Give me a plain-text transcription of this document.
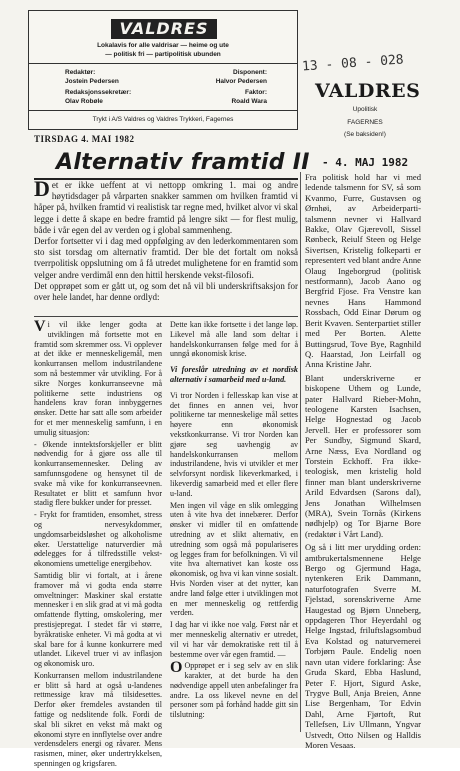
VALDRES
Lokalavis for alle valdrisar — heime og ute
— politisk fri — partipolitisk ubunden
Redaktør:
Jostein Pedersen
Disponent:
Halvor Pedersen
Redaksjonssekretær:
Olav Robøle
Faktor:
Roald Wara
Trykt i A/S Valdres og Valdres Trykkeri, Fagernes
TIRSDAG 4. MAI 1982
Alternativ framtid II

Det er ikke ueffent at vi nettopp omkring 1. mai og andre høytidsdager på vårparten snakker sammen om hvilken framtid vi håper på, hvilken framtid vi realistisk tar regne med, hvilket alvor vi skal legge i dette å skape en bedre framtid på lengre sikt — for flest mulig, både i vår egen del av verden og i global sammenheng.

Derfor fortsetter vi i dag med oppfølging av den lederkommentaren som sto sist torsdag om alternativ framtid. Der ble det fortalt om nokså tverrpolitisk oppslutning om å få utredet mulighetene for en framtid som velger andre verdimål enn den hittil herskende vekst-filosofi.

Det opprøpet som er gått ut, og som det nå vil bli underskriftsaksjon for over hele landet, har denne ordlyd:

Vi vil ikke lenger godta at utviklingen må fortsette mot en framtid som skremmer oss. Vi opplever at det ikke er menneskeligemål, men konkurransen mellom industrilandene som nå bestemmer vår utvikling. For å sikre Norges konkurranseevne må politikerne sette industriens og handelens krav foran innbyggernes ønsker. Dette har satt alle som arbeider for et mer menneskelig samfunn, i en umulig situasjon:

- Økende inntektsforskjeller er blitt nødvendig for å gjøre oss alle til konkurransemennesker. Deling av samfunnsgodene og hensynet til de svake må vike for konkurranseevnen. Resultatet er blitt et samfunn hvor stadig flere bukker under for presset.

- Frykt for framtiden, ensomhet, stress og nervesykdommer, ungdomsarbeidsløshet og alkoholisme øker. Uerstattelige naturverdier må ødelegges for å tilfredsstille vekst-økonomiens umettelige energibehov.

Samtidig blir vi fortalt, at i årene framover må vi godta enda større omveltninger: Maskiner skal erstatte mennesker i en slik grad at vi må godta omfattende flytting, omskolering, mer prestisjepregat. I stedet får vi større, byråkratiske enheter. Vi må godta at vi skal bare for å kunne konkurrere med utlandet. Likevel truer vi av inflasjon og økonomisk uro.

Konkurransen mellom industrilandene er blitt så hard at også u-landenes rettmessige krav må tilsidesettes. Derfor øker fremdeles avstanden til fattige og nedslitende folk. Fordi de skal bli sikret en vekst må makt og økonomi styre en innflytelse over andre verdensdelers energi og råvarer. Mens rasismen, miner, øker undertrykkelsen, spenningen og krigsfaren.

Dette kan ikke fortsette i det lange løp. Likevel må alle land som deltar i handelskonkurransen følge med for å unngå økonomisk krise.

Vi foreslår utredning av et nordisk alternativ i samarbeid med u-land.

Vi tror Norden i fellesskap kan vise at det finnes en annen vei, hvor politikerne tar menneskelige mål settes høyere enn økonomisk vekstkonkurranse. Vi tror Norden kan gjøre seg uavhengig av handelskonkurransen mellom industrilandene, hvis vi utvikler et mer selvforsynt nordisk likeverkmarked, i likeverdig samarbeid med et eller flere u-land.

Men ingen vil våge en slik omlegging uten å vite hva det innebærer. Derfor ønsker vi midler til en omfattende utredning av et slikt alternativ, en utredning som også må populariseres og legges fram for befolkningen. Vi vil vite hva alternativet kan koste oss økonomisk, og hva vi kan vinne sosialt. Hvis Norden viser at det nytter, kan andre land følge etter i utviklingen mot en mer menneskelig og rettferdig verden.

I dag har vi ikke noe valg. Først når et mer menneskelig alternativ er utredet, vil vi har vår demokratiske rett til å bestemme over vår egen framtid. —

O Opprøpet er i seg selv av en slik karakter, at det burde ha den nødvendige appell uten anbefalinger fra andre. La oss likevel nevne en del personer som på forhånd hadde gitt sin tilslutning:

13 - 08 - 028
VALDRES
Upolitisk
FAGERNES
(Se baksiden!)
- 4. MAJ 1982

Fra politisk hold har vi med ledende talsmenn for SV, så som Kvanmo, Furre, Gustavsen og Ørnhøi, av Arbeiderparti-talsmenn nevner vi Hallvard Bakke, Olav Gjærevoll, Sissel Rønbeck, Reiulf Steen og Helge Sivertsen, Kristelig folkeparti er representert ved blant andre Anne Olaug Ingeborgrud (politisk nestformann), Jacob Aano og Bergfrid Fjose. Fra Venstre kan nevnes Hans Hammond Rossbach, Odd Einar Dørum og Berit Kvaven. Senterpartiet stiller med Per Borten. Alette Buttingsrud, Tove Bye, Ragnhild Q. Haarstad, Jon Leirfall og Anna Kristine Jahr.

Blant underskriverne er biskopene Uthem og Lunde, pater Hallvard Rieber-Mohn, teologene Karsten Isachsen, Helge Hognestad og Jacob Jervell. Her er professorer som Per Sundby, Sigmund Skard, Arne Næss, Eva Nordland og Torstein Eckhoff. Fra ikke-teologisk, men kristelig hold finner man blant underskriverne Arild Edvardsen (Sarons dal), Jens Jonathan Wilhelmsen (MRA), Svein Tornås (Kirkens nødhjelp) og Tor Bjarne Bore (redaktør i Vårt Land).

Og så i litt mer urydding orden: amtbrukertalsmennene Helge Bergo og Gjermund Haga, nytenkeren Erik Dammann, naturfotografen Sverre M. Fjelstad, sorenskriverne Arne Haugestad og Bjørn Unneberg, oppdageren Thor Heyerdahl og Helge Ingstad, friluftslagsombud Eva Kolstad og naturvernerei Torbjørn Paule. Endelig noen navn utan videre forklaring: Åse Gruda Skard, Ebba Haslund, Peter F. Hjort, Sigurd Aske, Trygve Bull, Anja Breien, Anne Lise Bergenham, Tor Edvin Dahl, Arne Fjørtoft, Rut Tellefsen, Liv Ullmann, Yngvar Ustvedt, Otto Nilsen og Halldis Moren Vesaas.
